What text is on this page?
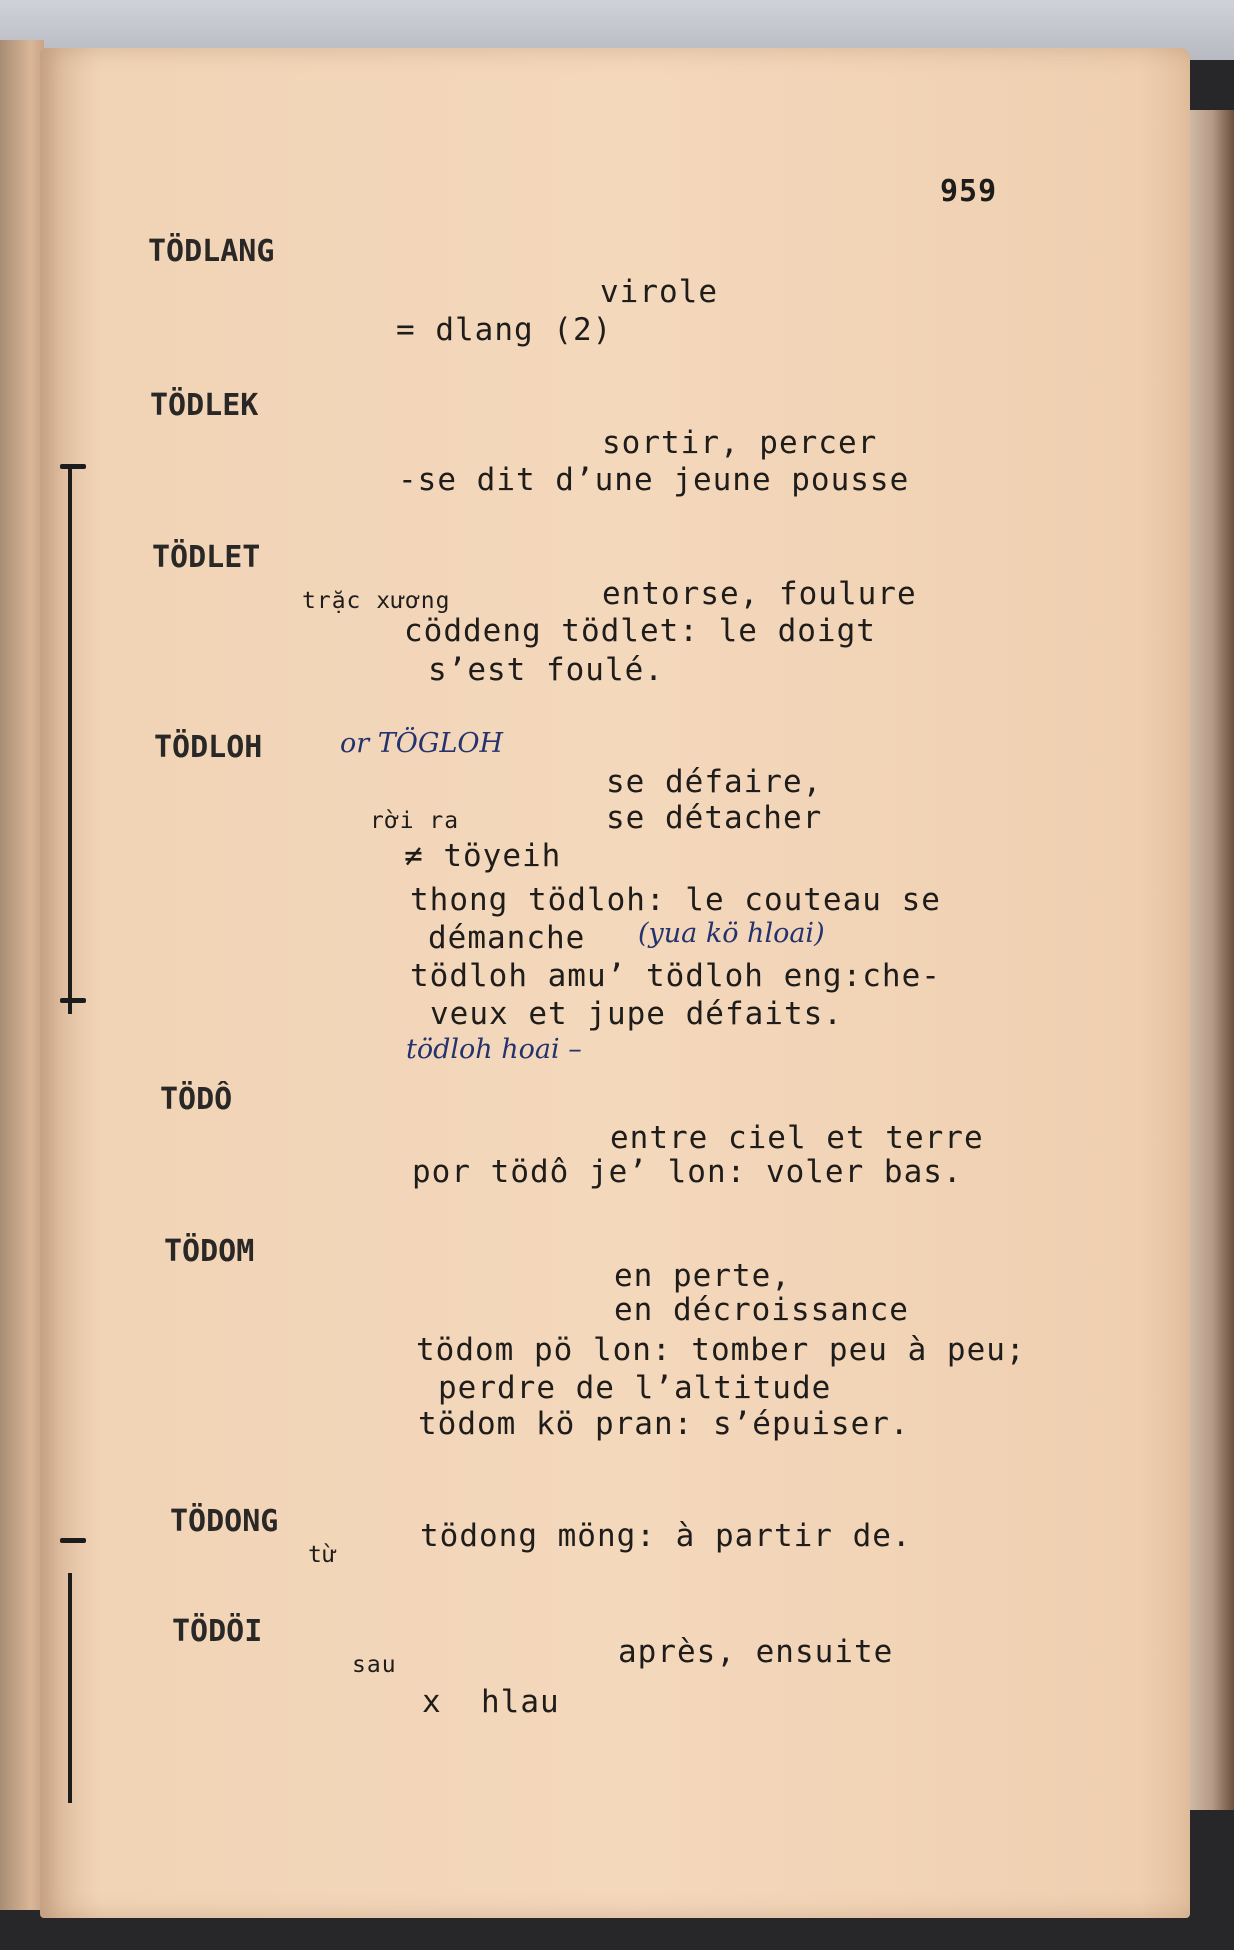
959
TÖDLANG
virole
= dlang (2)
TÖDLEK
sortir, percer
-se dit d’une jeune pousse
TÖDLET
trặc xương	entorse, foulure
cöddeng tödlet: le doigt
s’est foulé.
TÖDLOH	or TÖGLOH
se défaire,
rời ra	se détacher
≠ töyeih
thong tödloh: le couteau se
démanche (yua kö hloai)
tödloh amu’ tödloh eng:che-
veux et jupe défaits.
tödloh hoai –
TÖDÔ
entre ciel et terre
por tödô je’ lon: voler bas.
TÖDOM
en perte,
en décroissance
tödom pö lon: tomber peu à peu;
perdre de l’altitude
tödom kö pran: s’épuiser.
TÖDONG
từ
tödong möng: à partir de.
TÖDÖI
sau	après, ensuite
x  hlau
